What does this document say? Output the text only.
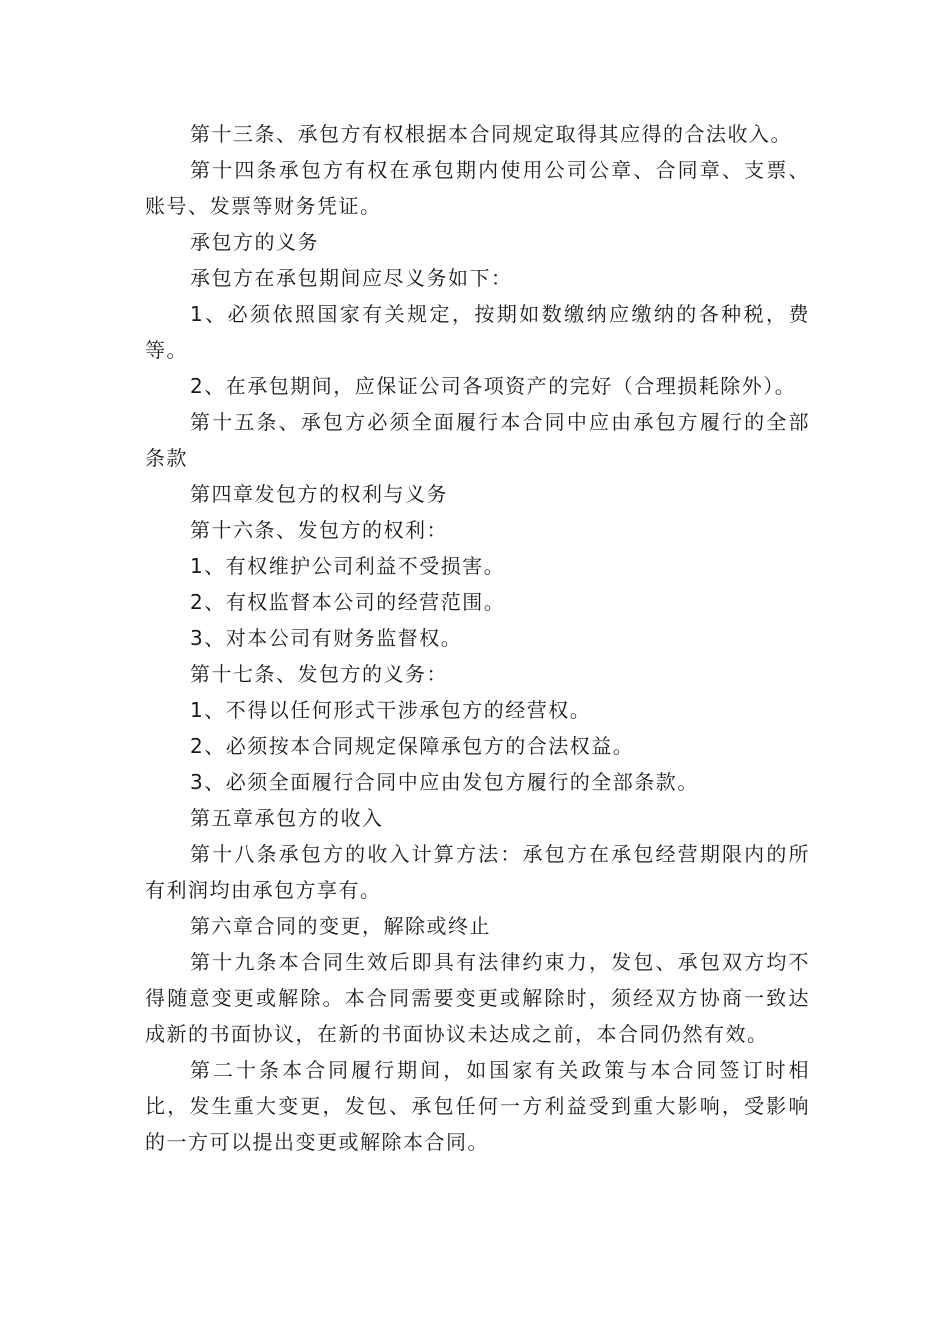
第十三条、承包方有权根据本合同规定取得其应得的合法收入。

第十四条承包方有权在承包期内使用公司公章、合同章、支票、账号、发票等财务凭证。

承包方的义务

承包方在承包期间应尽义务如下：

1、必须依照国家有关规定，按期如数缴纳应缴纳的各种税，费等。

2、在承包期间，应保证公司各项资产的完好（合理损耗除外）。

第十五条、承包方必须全面履行本合同中应由承包方履行的全部条款

第四章发包方的权利与义务

第十六条、发包方的权利：

1、有权维护公司利益不受损害。

2、有权监督本公司的经营范围。

3、对本公司有财务监督权。

第十七条、发包方的义务：

1、不得以任何形式干涉承包方的经营权。

2、必须按本合同规定保障承包方的合法权益。

3、必须全面履行合同中应由发包方履行的全部条款。

第五章承包方的收入

第十八条承包方的收入计算方法：承包方在承包经营期限内的所有利润均由承包方享有。

第六章合同的变更，解除或终止

第十九条本合同生效后即具有法律约束力，发包、承包双方均不得随意变更或解除。本合同需要变更或解除时，须经双方协商一致达成新的书面协议，在新的书面协议未达成之前，本合同仍然有效。

第二十条本合同履行期间，如国家有关政策与本合同签订时相比，发生重大变更，发包、承包任何一方利益受到重大影响，受影响的一方可以提出变更或解除本合同。
